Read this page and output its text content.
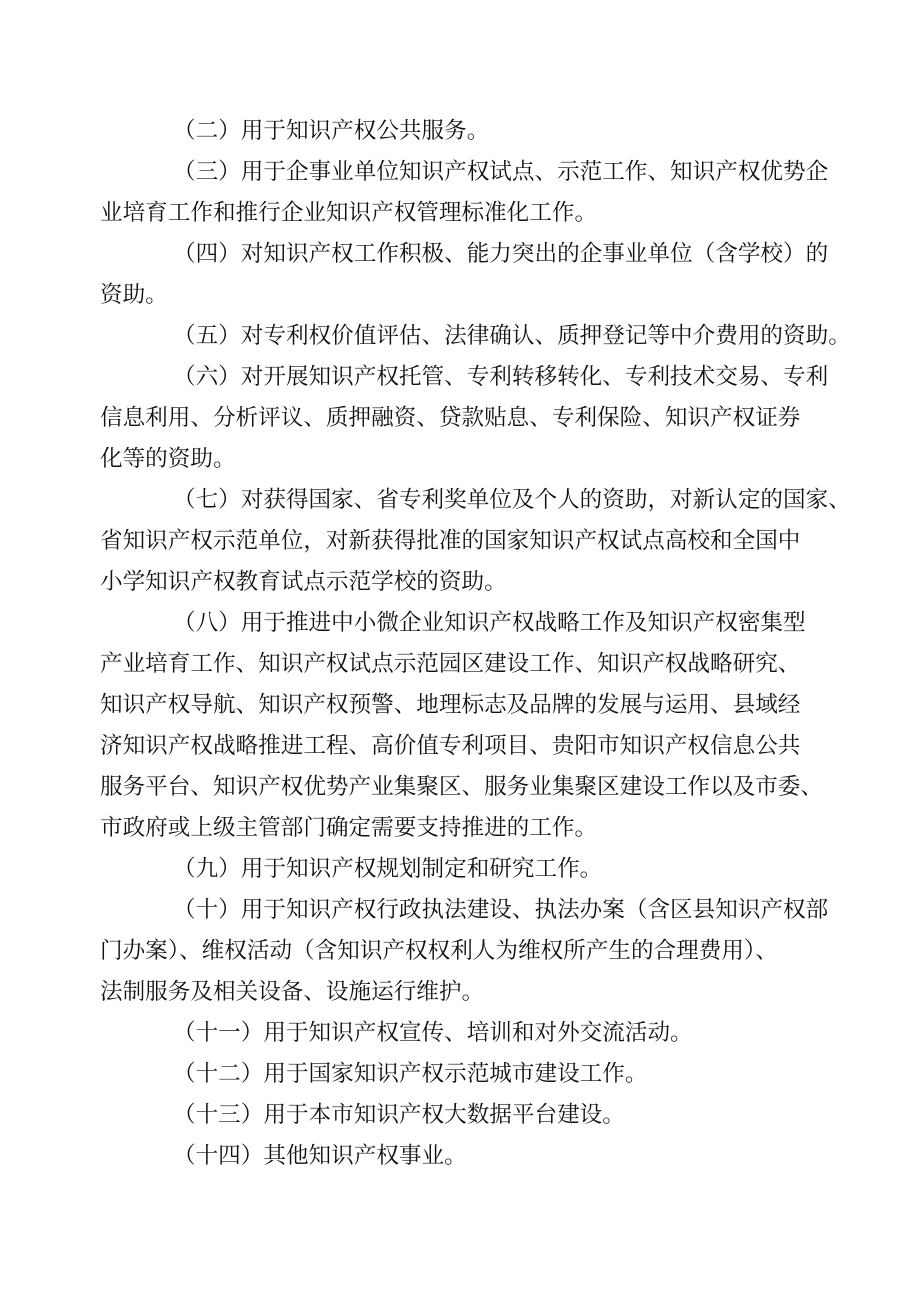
（二）用于知识产权公共服务。
（三）用于企事业单位知识产权试点、示范工作、知识产权优势企
业培育工作和推行企业知识产权管理标准化工作。
（四）对知识产权工作积极、能力突出的企事业单位（含学校）的
资助。
（五）对专利权价值评估、法律确认、质押登记等中介费用的资助。
（六）对开展知识产权托管、专利转移转化、专利技术交易、专利
信息利用、分析评议、质押融资、贷款贴息、专利保险、知识产权证券
化等的资助。
（七）对获得国家、省专利奖单位及个人的资助，对新认定的国家、
省知识产权示范单位，对新获得批准的国家知识产权试点高校和全国中
小学知识产权教育试点示范学校的资助。
（八）用于推进中小微企业知识产权战略工作及知识产权密集型
产业培育工作、知识产权试点示范园区建设工作、知识产权战略研究、
知识产权导航、知识产权预警、地理标志及品牌的发展与运用、县域经
济知识产权战略推进工程、高价值专利项目、贵阳市知识产权信息公共
服务平台、知识产权优势产业集聚区、服务业集聚区建设工作以及市委、
市政府或上级主管部门确定需要支持推进的工作。
（九）用于知识产权规划制定和研究工作。
（十）用于知识产权行政执法建设、执法办案（含区县知识产权部
门办案）、维权活动（含知识产权权利人为维权所产生的合理费用）、
法制服务及相关设备、设施运行维护。
（十一）用于知识产权宣传、培训和对外交流活动。
（十二）用于国家知识产权示范城市建设工作。
（十三）用于本市知识产权大数据平台建设。
（十四）其他知识产权事业。
